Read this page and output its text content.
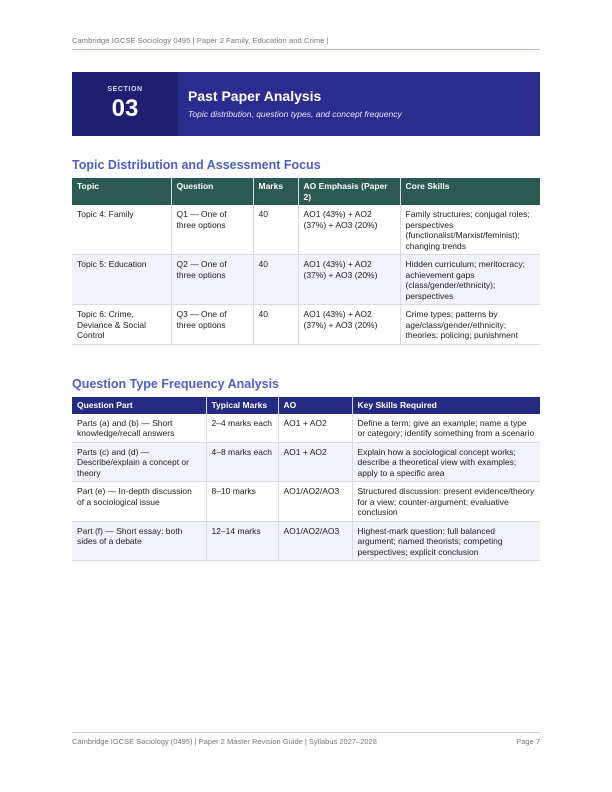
Cambridge IGCSE Sociology 0495 | Paper 2 Family, Education and Crime |
SECTION
03	Past Paper Analysis
Topic distribution, question types, and concept frequency
Topic Distribution and Assessment Focus
Topic	Question	Marks	AO Emphasis (Paper 2)	Core Skills
Topic 4: Family	Q1 — One of three options	40	AO1 (43%) + AO2 (37%) + AO3 (20%)	Family structures; conjugal roles; perspectives (functionalist/Marxist/feminist); changing trends
Topic 5: Education	Q2 — One of three options	40	AO1 (43%) + AO2 (37%) + AO3 (20%)	Hidden curriculum; meritocracy; achievement gaps (class/gender/ethnicity); perspectives
Topic 6: Crime, Deviance & Social Control	Q3 — One of three options	40	AO1 (43%) + AO2 (37%) + AO3 (20%)	Crime types; patterns by age/class/gender/ethnicity; theories; policing; punishment
Question Type Frequency Analysis
Question Part	Typical Marks	AO	Key Skills Required
Parts (a) and (b) — Short knowledge/recall answers	2–4 marks each	AO1 + AO2	Define a term; give an example; name a type or category; identify something from a scenario
Parts (c) and (d) — Describe/explain a concept or theory	4–8 marks each	AO1 + AO2	Explain how a sociological concept works; describe a theoretical view with examples; apply to a specific area
Part (e) — In-depth discussion of a sociological issue	8–10 marks	AO1/AO2/AO3	Structured discussion: present evidence/theory for a view; counter-argument; evaluative conclusion
Part (f) — Short essay: both sides of a debate	12–14 marks	AO1/AO2/AO3	Highest-mark question: full balanced argument; named theorists; competing perspectives; explicit conclusion
Cambridge IGCSE Sociology (0495) | Paper 2 Master Revision Guide | Syllabus 2027–2028	Page 7
